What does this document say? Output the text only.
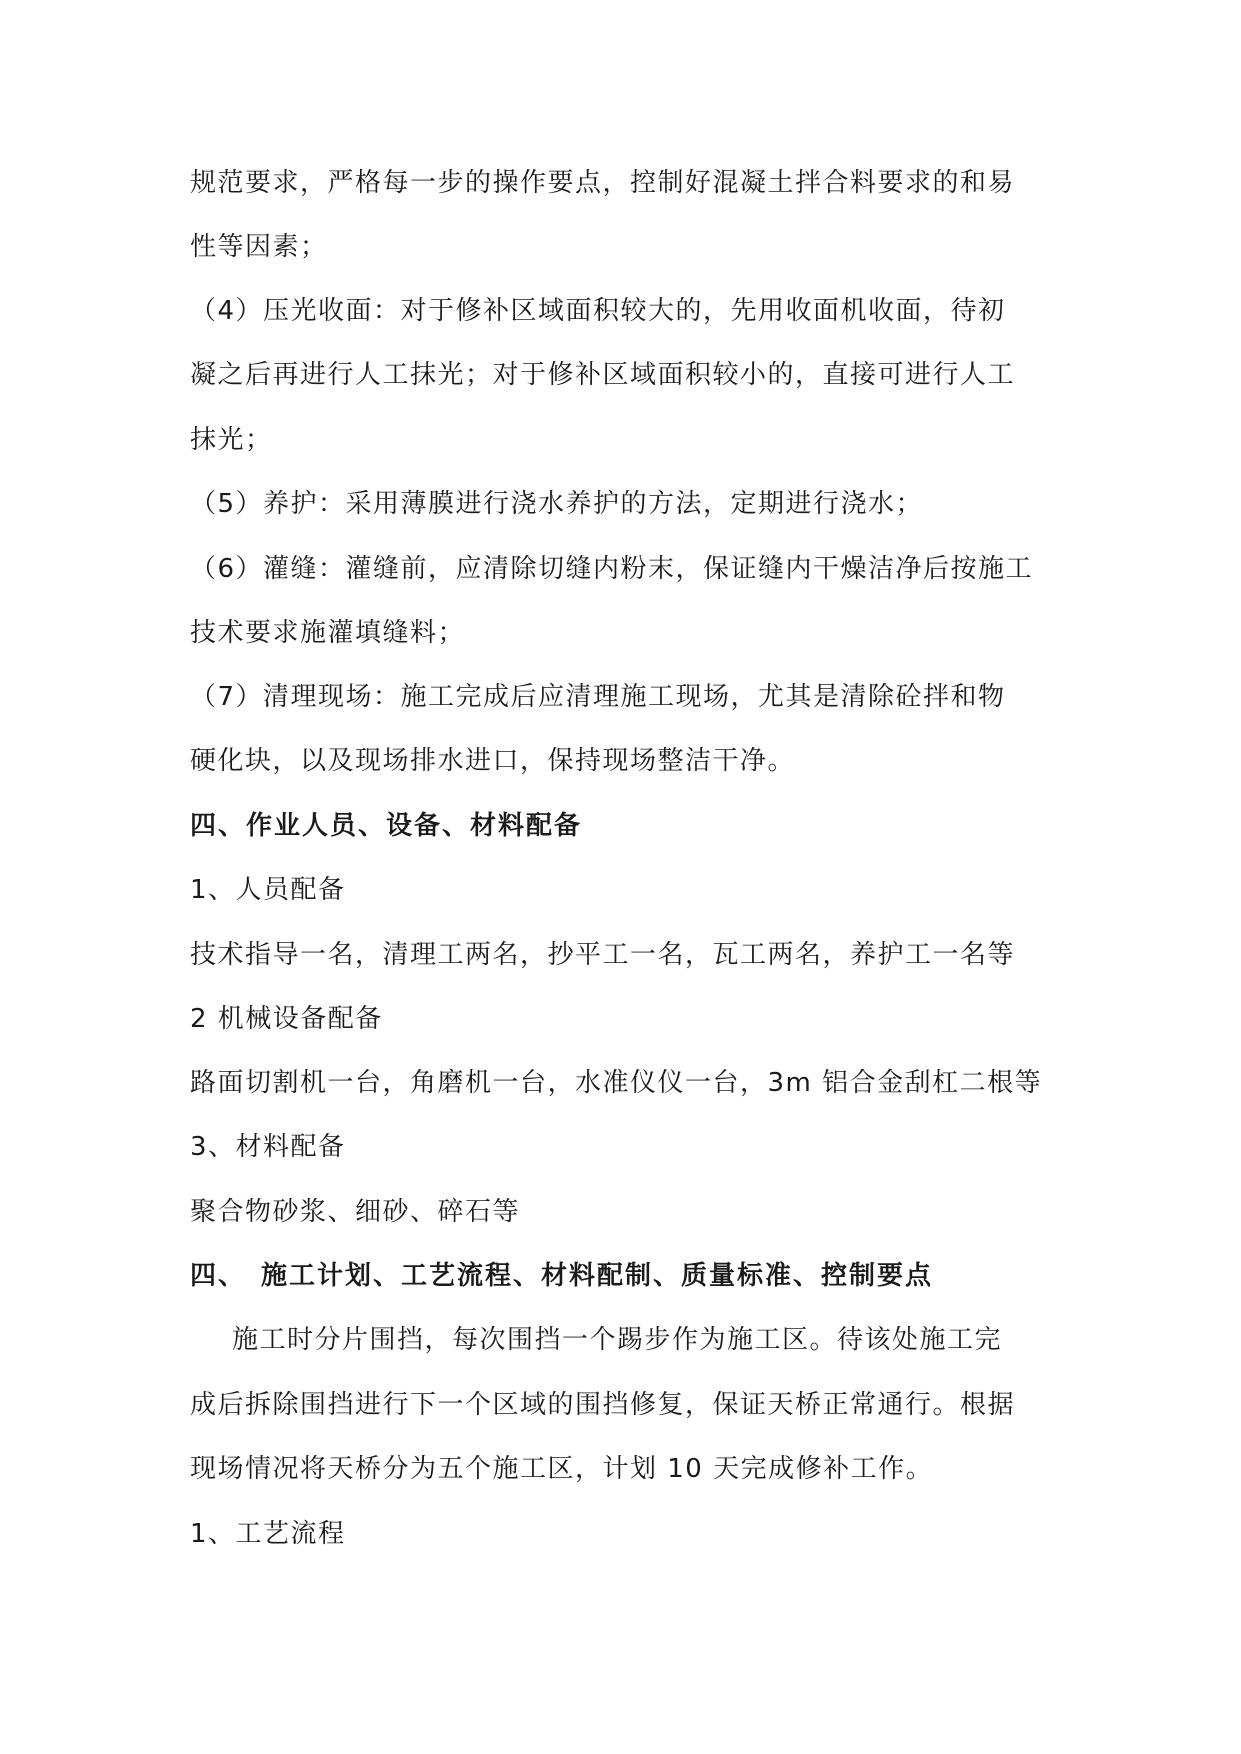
规范要求，严格每一步的操作要点，控制好混凝土拌合料要求的和易
性等因素；
（4）压光收面：对于修补区域面积较大的，先用收面机收面，待初
凝之后再进行人工抹光；对于修补区域面积较小的，直接可进行人工
抹光；
（5）养护：采用薄膜进行浇水养护的方法，定期进行浇水；
（6）灌缝：灌缝前，应清除切缝内粉末，保证缝内干燥洁净后按施工
技术要求施灌填缝料；
（7）清理现场：施工完成后应清理施工现场，尤其是清除砼拌和物
硬化块，以及现场排水进口，保持现场整洁干净。
四、作业人员、设备、材料配备
1、人员配备
技术指导一名，清理工两名，抄平工一名，瓦工两名，养护工一名等
2 机械设备配备
路面切割机一台，角磨机一台，水准仪仪一台，3m 铝合金刮杠二根等
3、材料配备
聚合物砂浆、细砂、碎石等
四、　施工计划、工艺流程、材料配制、质量标准、控制要点
施工时分片围挡，每次围挡一个踢步作为施工区。待该处施工完
成后拆除围挡进行下一个区域的围挡修复，保证天桥正常通行。根据
现场情况将天桥分为五个施工区，计划 10 天完成修补工作。
1、工艺流程
